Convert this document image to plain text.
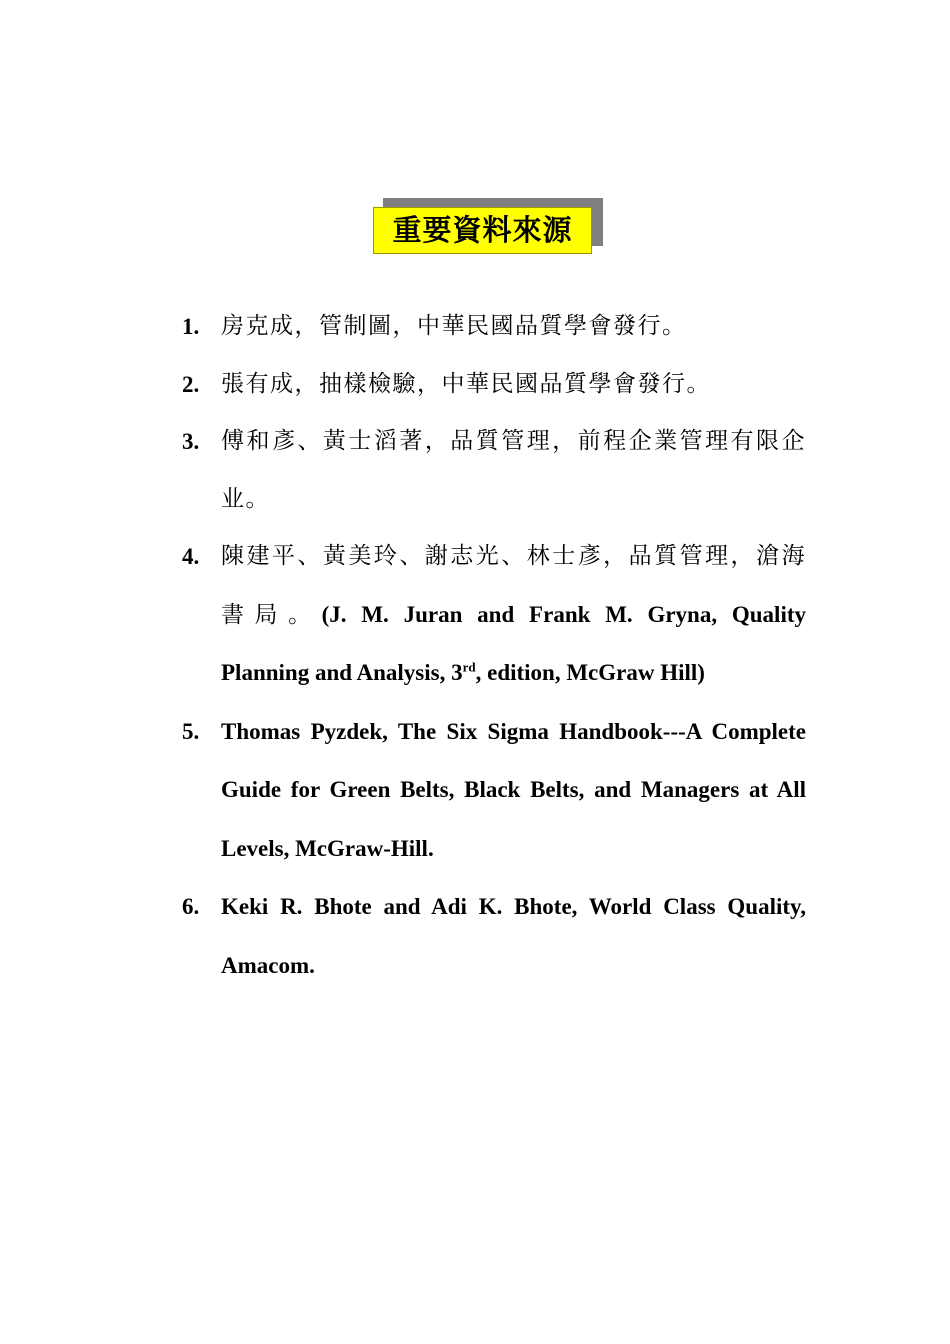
重要資料來源
1. 房克成，管制圖，中華民國品質學會發行。
2. 張有成，抽樣檢驗，中華民國品質學會發行。
3. 傅和彥、黃士滔著，品質管理，前程企業管理有限企业。
4. 陳建平、黃美玲、謝志光、林士彥，品質管理，滄海書局。(J. M. Juran and Frank M. Gryna, Quality Planning and Analysis, 3rd, edition, McGraw Hill)
5. Thomas Pyzdek, The Six Sigma Handbook---A Complete Guide for Green Belts, Black Belts, and Managers at All Levels, McGraw-Hill.
6. Keki R. Bhote and Adi K. Bhote, World Class Quality, Amacom.
